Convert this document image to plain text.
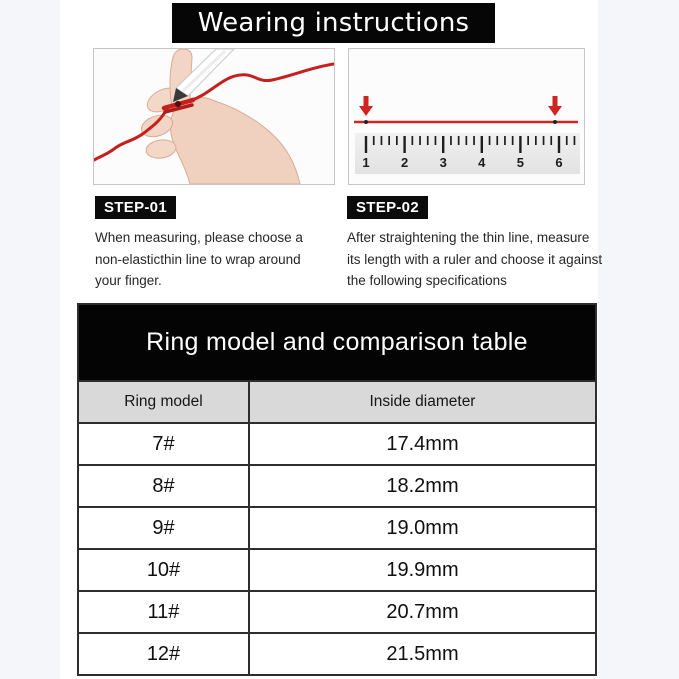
Wearing instructions
1 2 3 4 5 6
STEP-01	STEP-02
When measuring, please choose a
non-elasticthin line to wrap around
your finger.
After straightening the thin line, measure
its length with a ruler and choose it against
the following specifications
Ring model and comparison table
Ring model	Inside diameter
7#	17.4mm
8#	18.2mm
9#	19.0mm
10#	19.9mm
11#	20.7mm
12#	21.5mm
